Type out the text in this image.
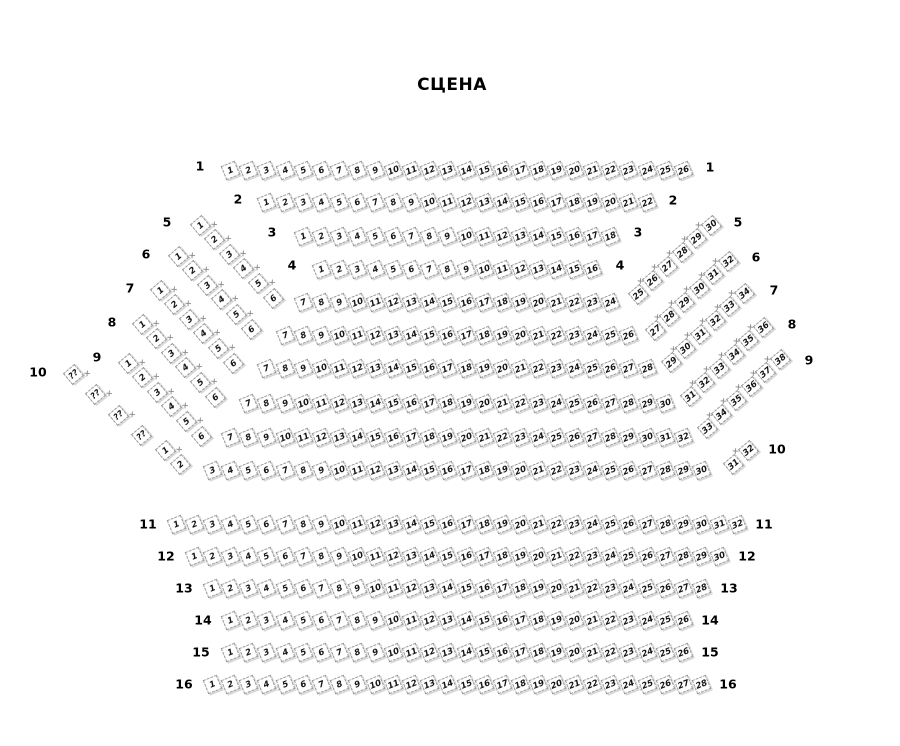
СЦЕНА
1 ×	2 ×	3 ×	4 ×	5 ×	6 ×	7 ×	8 ×	9 × 10 × 11 × 12 × 13 × 14 × 15 × 16 × 17 × 18 × 19 × 20 × 21 × 22 × 23 × 24 × 25 × 26
1	1
1 ×	2 ×	3 ×	4 ×	5 ×	6 ×	7 ×	8 ×	9 × 10 × 11 × 12 × 13 × 14 × 15 × 16 × 17 × 18 × 19 × 20 × 21 × 22
2	2
1 ×	2 ×	3 ×	4 ×	5 ×	6 ×	7 ×	8 ×	9 × 10 × 11 × 12 × 13 × 14 × 15 × 16 × 17 × 18
3	3
1 ×	2 ×	3 ×	4 ×	5 ×	6 ×	7 ×	8 ×	9 × 10 × 11 × 12 × 13 × 14 × 15 × 16
4	4
1 ×
2 ×
3 ×
4 ×
5 ×
6	7 ×	8 ×	9 × 10 × 11 × 12 × 13 × 14 × 15 × 16 × 17 × 18 × 19 × 20 × 21 × 22 × 23 × 24
25 ×
26 ×
27 ×
28 ×
29 ×
30
5	5
1 ×
2 ×
3 ×
4 ×
5 ×
6
7 ×	8 ×	9 × 10 × 11 × 12 × 13 × 14 × 15 × 16 × 17 × 18 × 19 × 20 × 21 × 22 × 23 × 24 × 25 × 26	27 ×
28 ×
29 ×
30 ×
31 ×
32
6	6
1 ×
2 ×
3 ×
4 ×
5 ×
6	7 ×	8 ×	9 × 10 × 11 × 12 × 13 × 14 × 15 × 16 × 17 × 18 × 19 × 20 × 21 × 22 × 23 × 24 × 25 × 26 × 27 × 28	29 ×
30 ×
31 ×
32 ×
33 ×
34
7	7
1 ×
2 ×
3 ×
4 ×
5 ×
6
7 ×	8 ×	9 × 10 × 11 × 12 × 13 × 14 × 15 × 16 × 17 × 18 × 19 × 20 × 21 × 22 × 23 × 24 × 25 × 26 × 27 × 28 × 29 × 30	31 ×
32 ×
33 ×
34 ×
35 ×
36
8	8
1 ×
2 ×
3 ×
4 ×
5 ×
6	7 ×	8 ×	9 × 10 × 11 × 12 × 13 × 14 × 15 × 16 × 17 × 18 × 19 × 20 × 21 × 22 × 23 × 24 × 25 × 26 × 27 × 28 × 29 × 30 × 31 × 32
33 ×
34 ×
35 ×
36 ×
37 ×
38
9	9
?? ×
?? ×
?? ×
??
1 ×
2
3 ×	4 ×	5 ×	6 ×	7 ×	8 ×	9 × 10 × 11 × 12 × 13 × 14 × 15 × 16 × 17 × 18 × 19 × 20 × 21 × 22 × 23 × 24 × 25 × 26 × 27 × 28 × 29 × 30	31 ×
32
10
10
1 ×	2 ×	3 ×	4 ×	5 ×	6 ×	7 ×	8 ×	9 × 10 × 11 × 12 × 13 × 14 × 15 × 16 × 17 × 18 × 19 × 20 × 21 × 22 × 23 × 24 × 25 × 26 × 27 × 28 × 29 × 30 × 31 × 32
11	11
1 ×	2 ×	3 ×	4 ×	5 ×	6 ×	7 ×	8 ×	9 × 10 × 11 × 12 × 13 × 14 × 15 × 16 × 17 × 18 × 19 × 20 × 21 × 22 × 23 × 24 × 25 × 26 × 27 × 28 × 29 × 30
12	12
1 ×	2 ×	3 ×	4 ×	5 ×	6 ×	7 ×	8 ×	9 × 10 × 11 × 12 × 13 × 14 × 15 × 16 × 17 × 18 × 19 × 20 × 21 × 22 × 23 × 24 × 25 × 26 × 27 × 28
13	13
1 ×	2 ×	3 ×	4 ×	5 ×	6 ×	7 ×	8 ×	9 × 10 × 11 × 12 × 13 × 14 × 15 × 16 × 17 × 18 × 19 × 20 × 21 × 22 × 23 × 24 × 25 × 26
14	14
1 ×	2 ×	3 ×	4 ×	5 ×	6 ×	7 ×	8 ×	9 × 10 × 11 × 12 × 13 × 14 × 15 × 16 × 17 × 18 × 19 × 20 × 21 × 22 × 23 × 24 × 25 × 26
15	15
1 ×	2 ×	3 ×	4 ×	5 ×	6 ×	7 ×	8 ×	9 × 10 × 11 × 12 × 13 × 14 × 15 × 16 × 17 × 18 × 19 × 20 × 21 × 22 × 23 × 24 × 25 × 26 × 27 × 28
16	16
